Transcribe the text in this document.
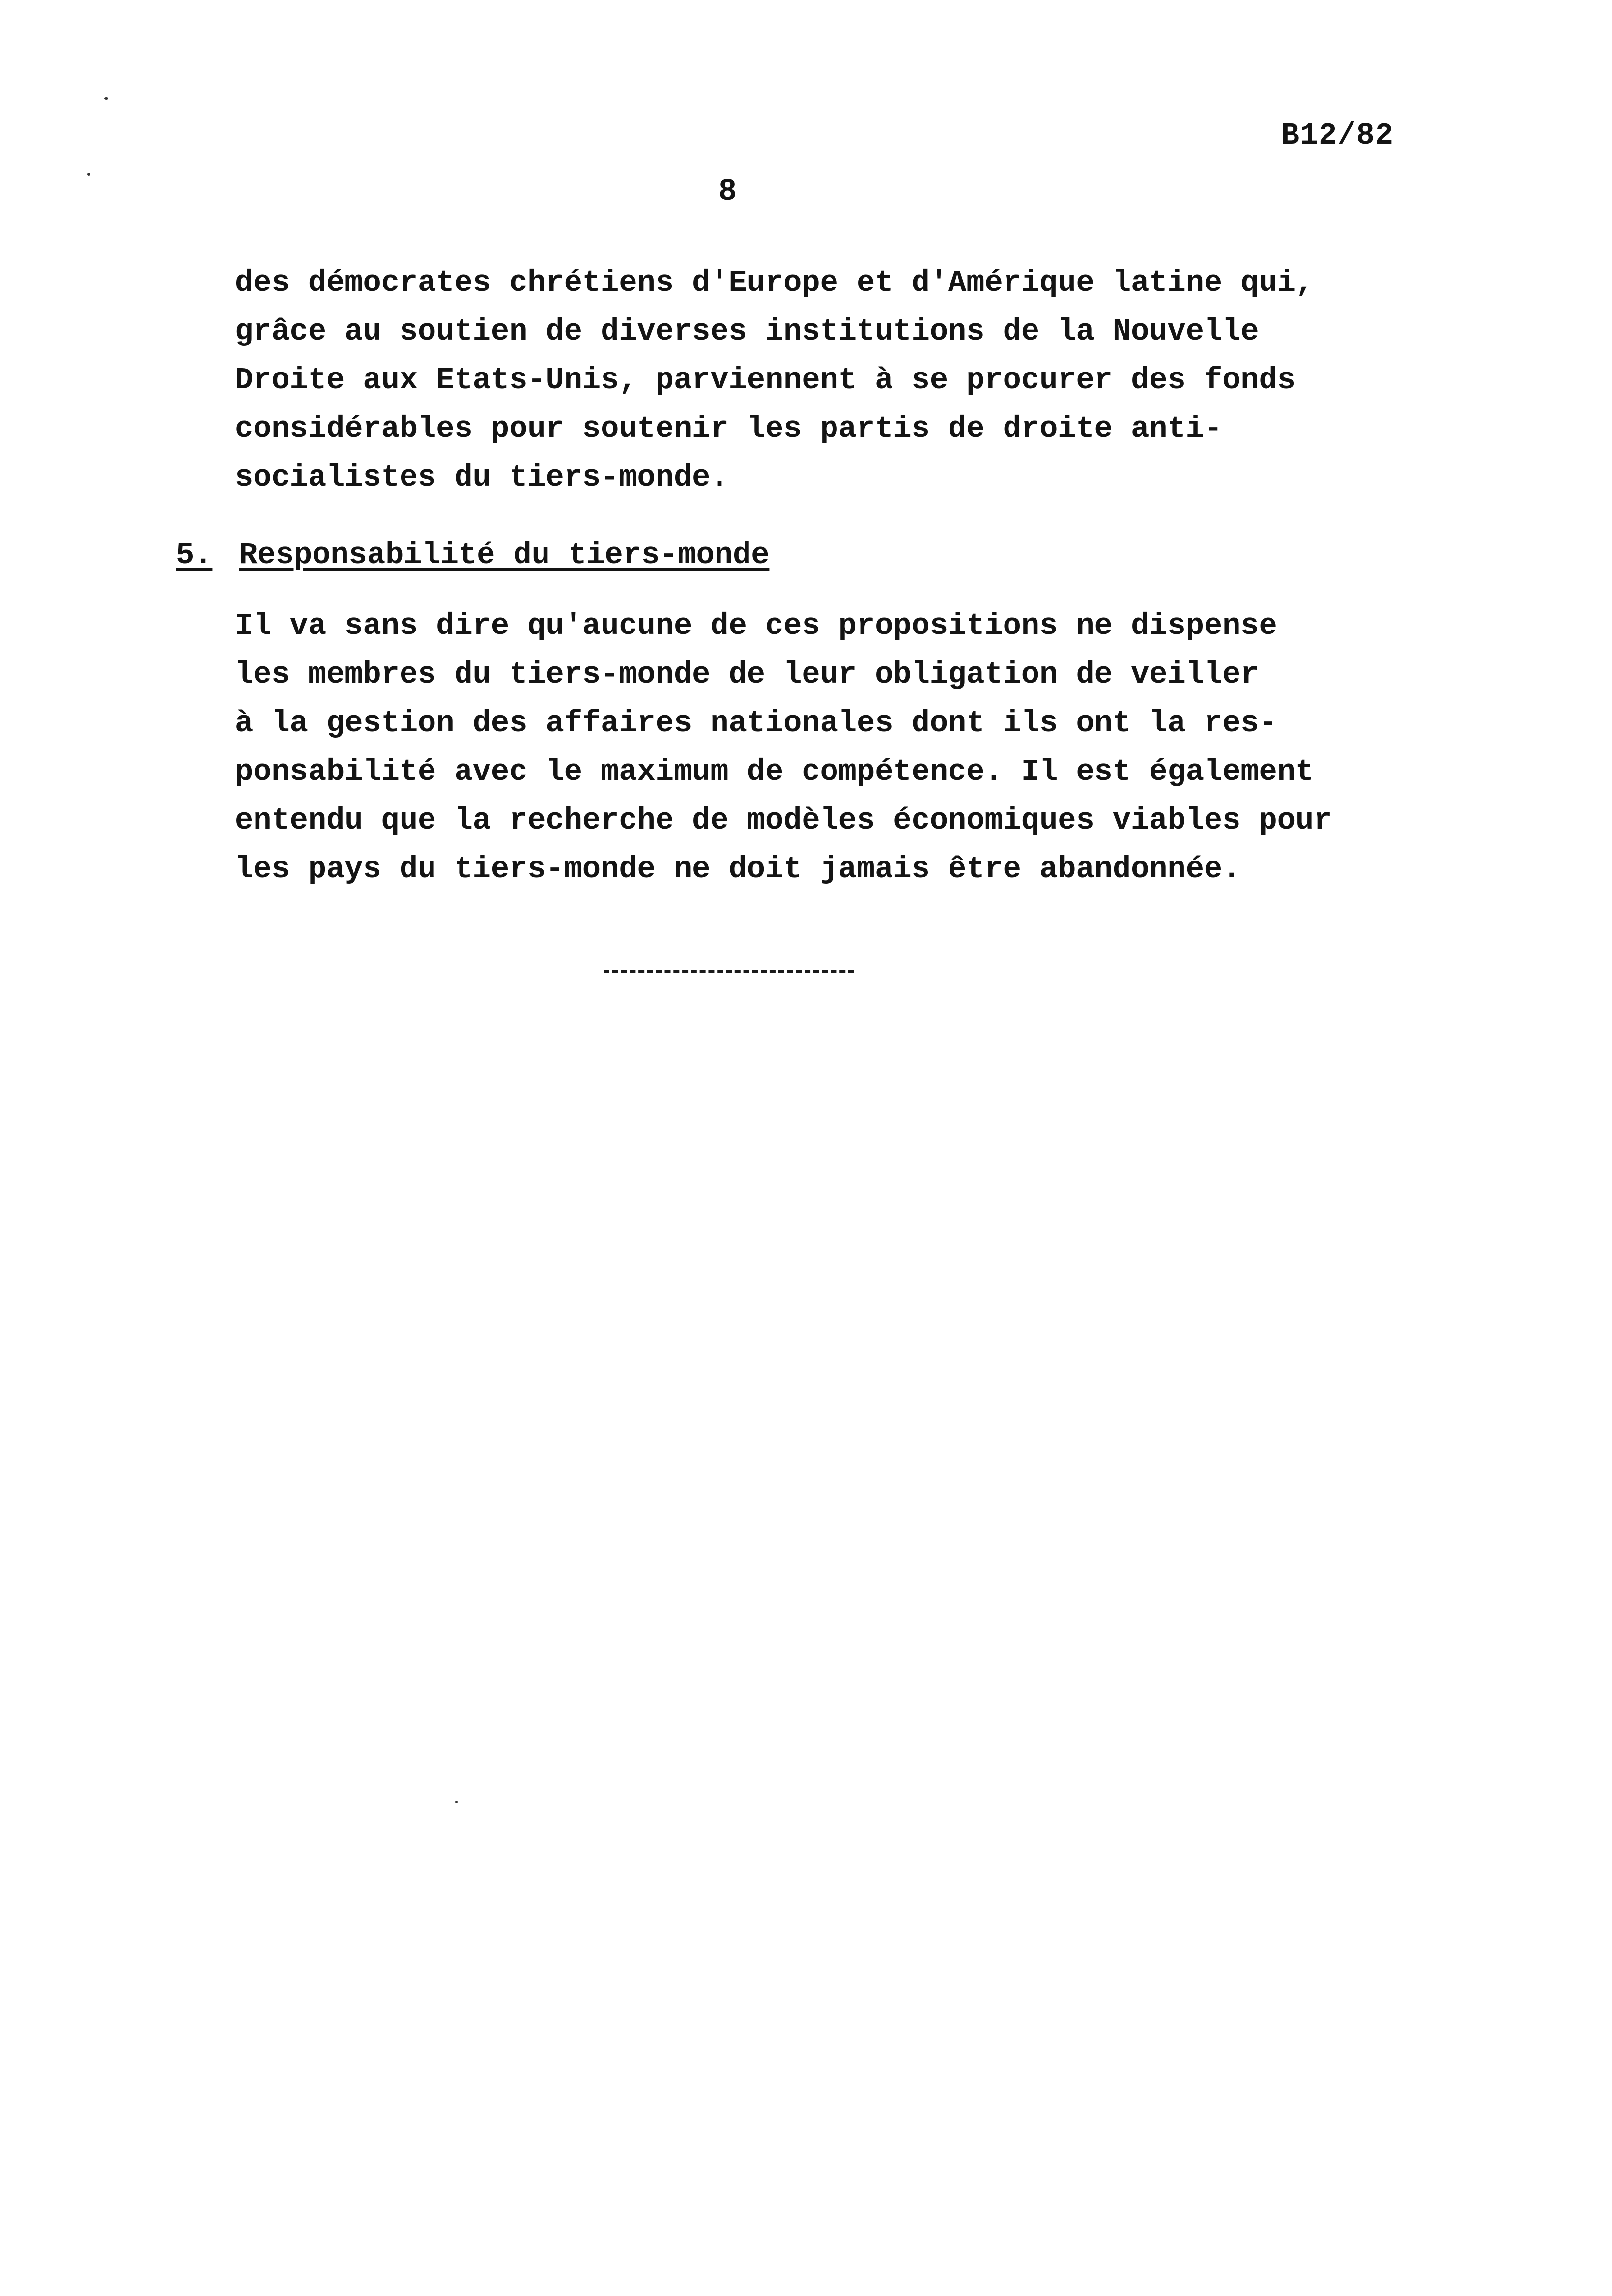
B12/82
8
des démocrates chrétiens d'Europe et d'Amérique latine qui,
grâce au soutien de diverses institutions de la Nouvelle
Droite aux Etats-Unis, parviennent à se procurer des fonds
considérables pour soutenir les partis de droite anti-
socialistes du tiers-monde.
5. Responsabilité du tiers-monde
Il va sans dire qu'aucune de ces propositions ne dispense
les membres du tiers-monde de leur obligation de veiller
à la gestion des affaires nationales dont ils ont la res-
ponsabilité avec le maximum de compétence. Il est également
entendu que la recherche de modèles économiques viables pour
les pays du tiers-monde ne doit jamais être abandonnée.
